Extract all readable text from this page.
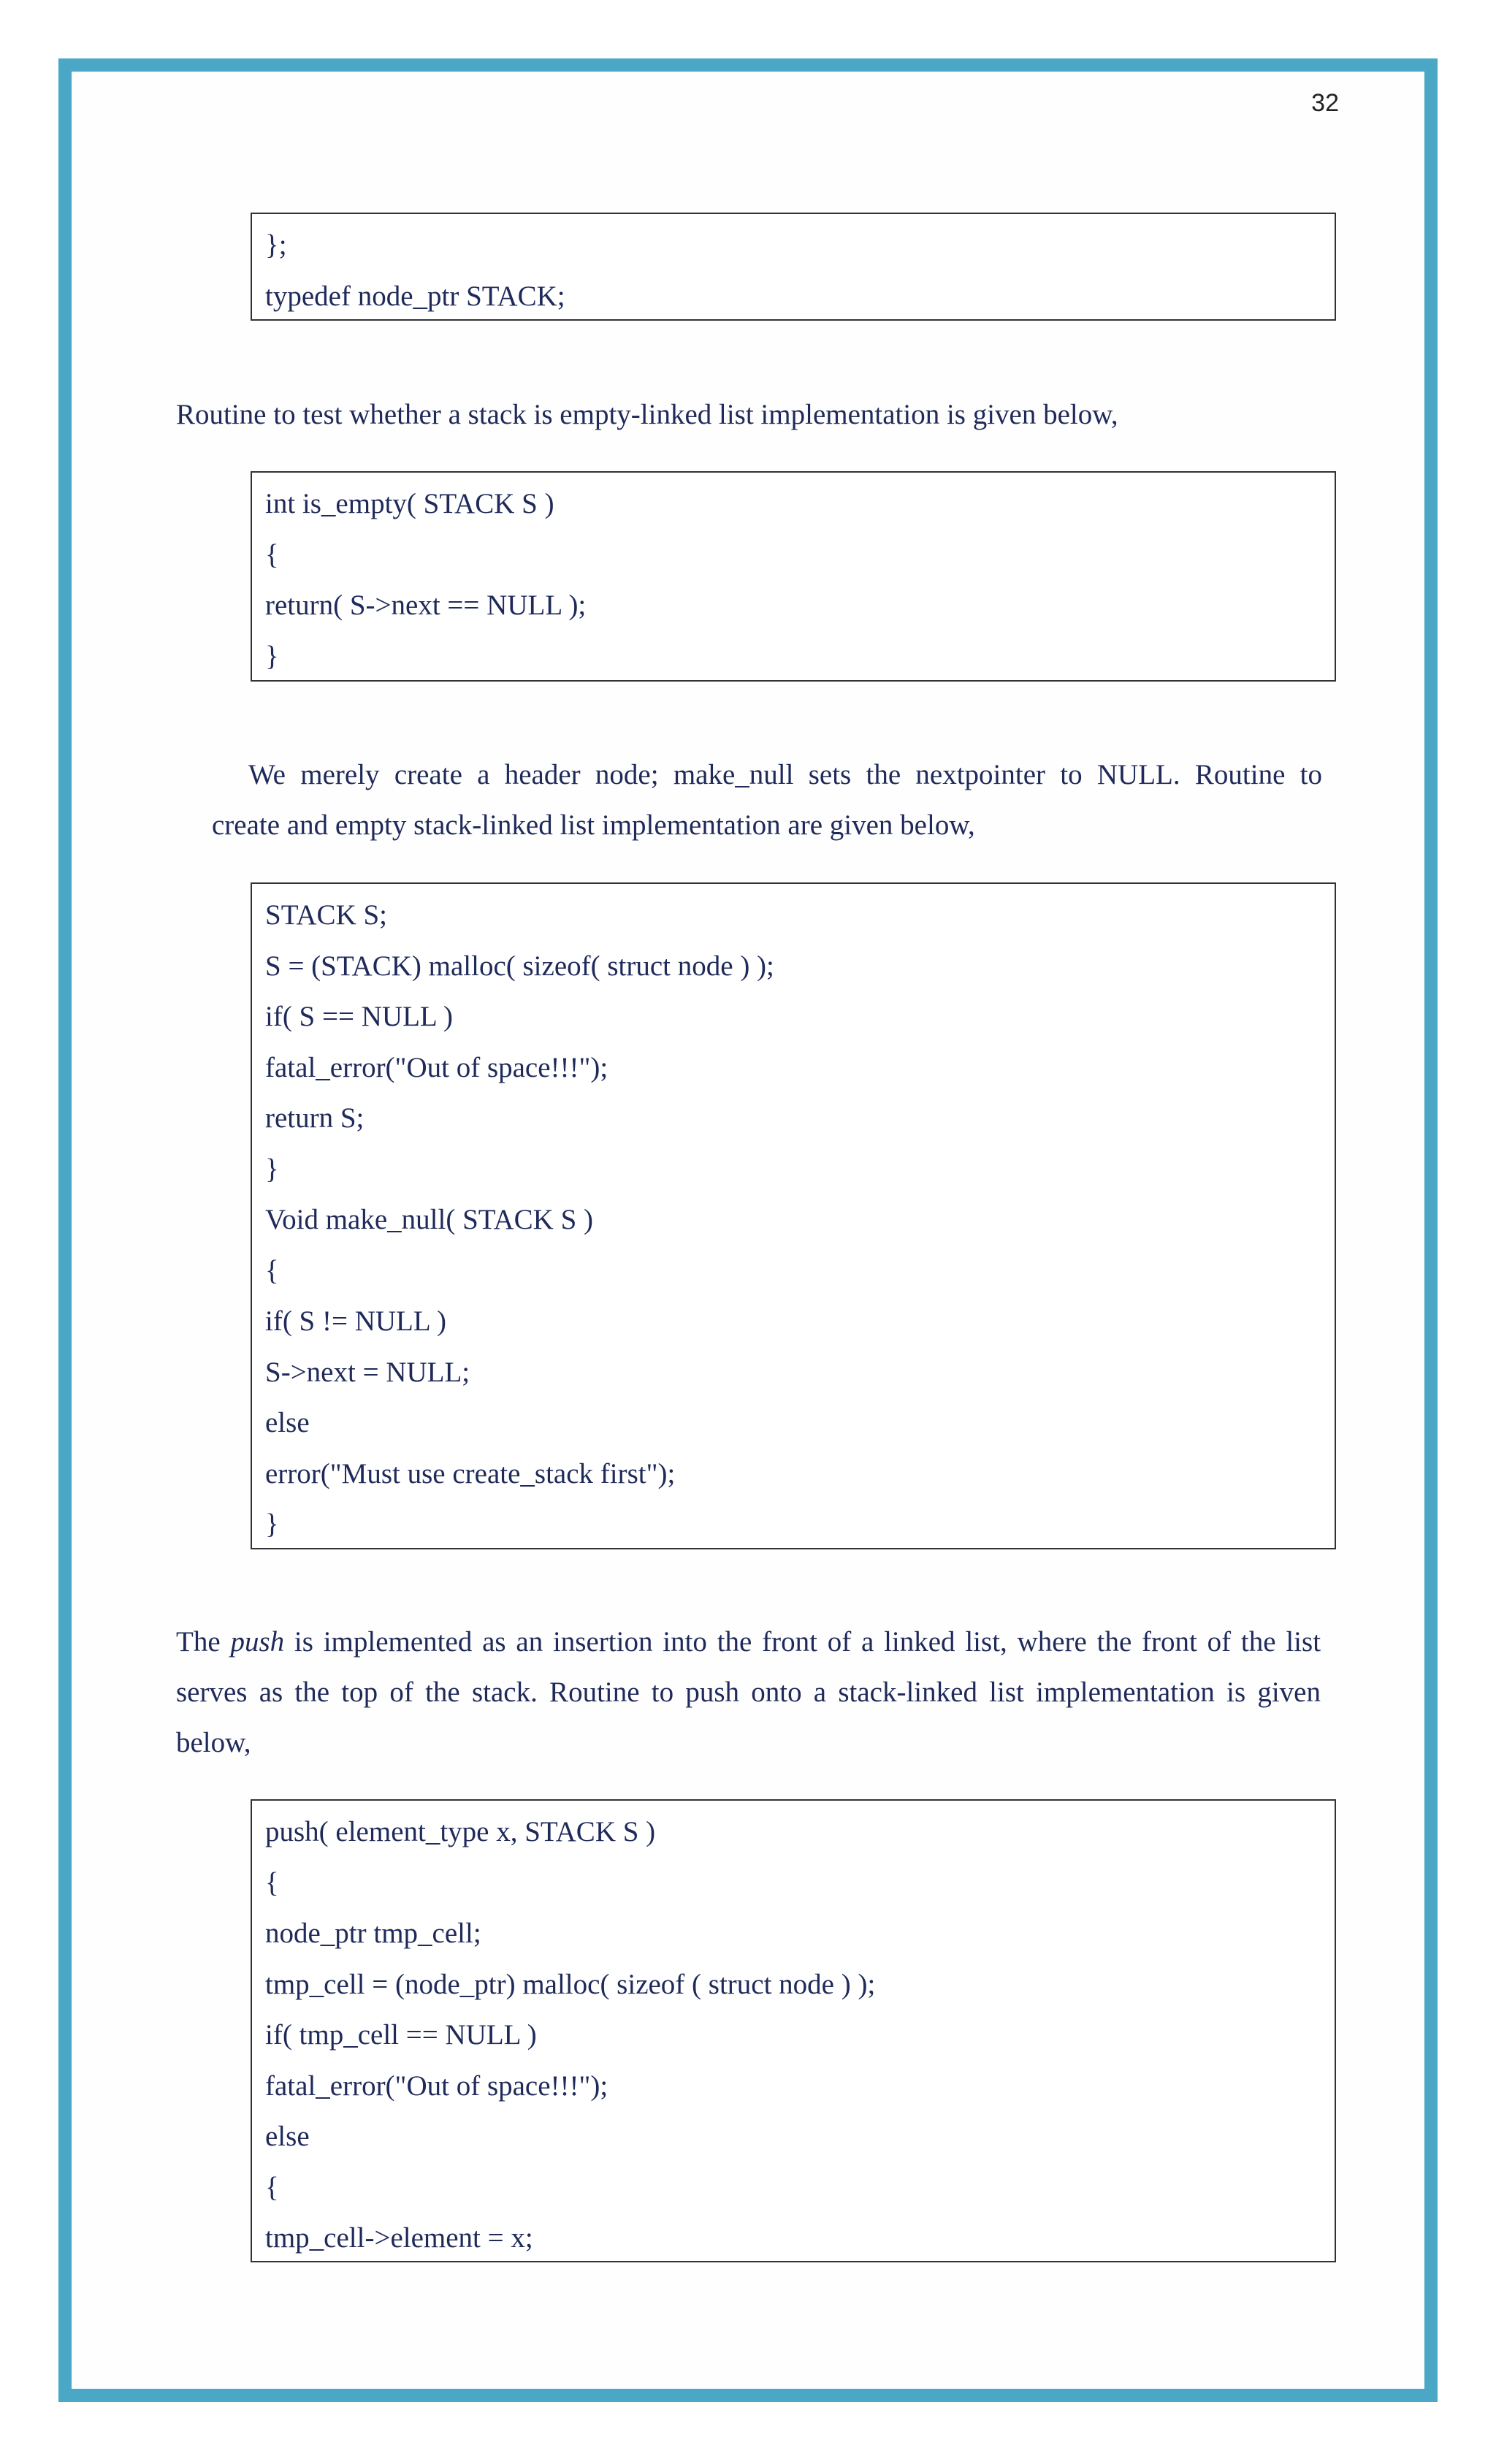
32
};
typedef node_ptr STACK;
Routine to test whether a stack is empty-linked list implementation is given below,
int is_empty( STACK S )
{
return( S->next == NULL );
}
We merely create a header node; make_null sets the nextpointer to NULL. Routine to
create and empty stack-linked list implementation are given below,
STACK S;
S = (STACK) malloc( sizeof( struct node ) );
if( S == NULL )
fatal_error("Out of space!!!");
return S;
}
Void make_null( STACK S )
{
if( S != NULL )
S->next = NULL;
else
error("Must use create_stack first");
}
The push is implemented as an insertion into the front of a linked list, where the front of the list
serves as the top of the stack. Routine to push onto a stack-linked list implementation is given
below,
push( element_type x, STACK S )
{
node_ptr tmp_cell;
tmp_cell = (node_ptr) malloc( sizeof ( struct node ) );
if( tmp_cell == NULL )
fatal_error("Out of space!!!");
else
{
tmp_cell->element = x;
